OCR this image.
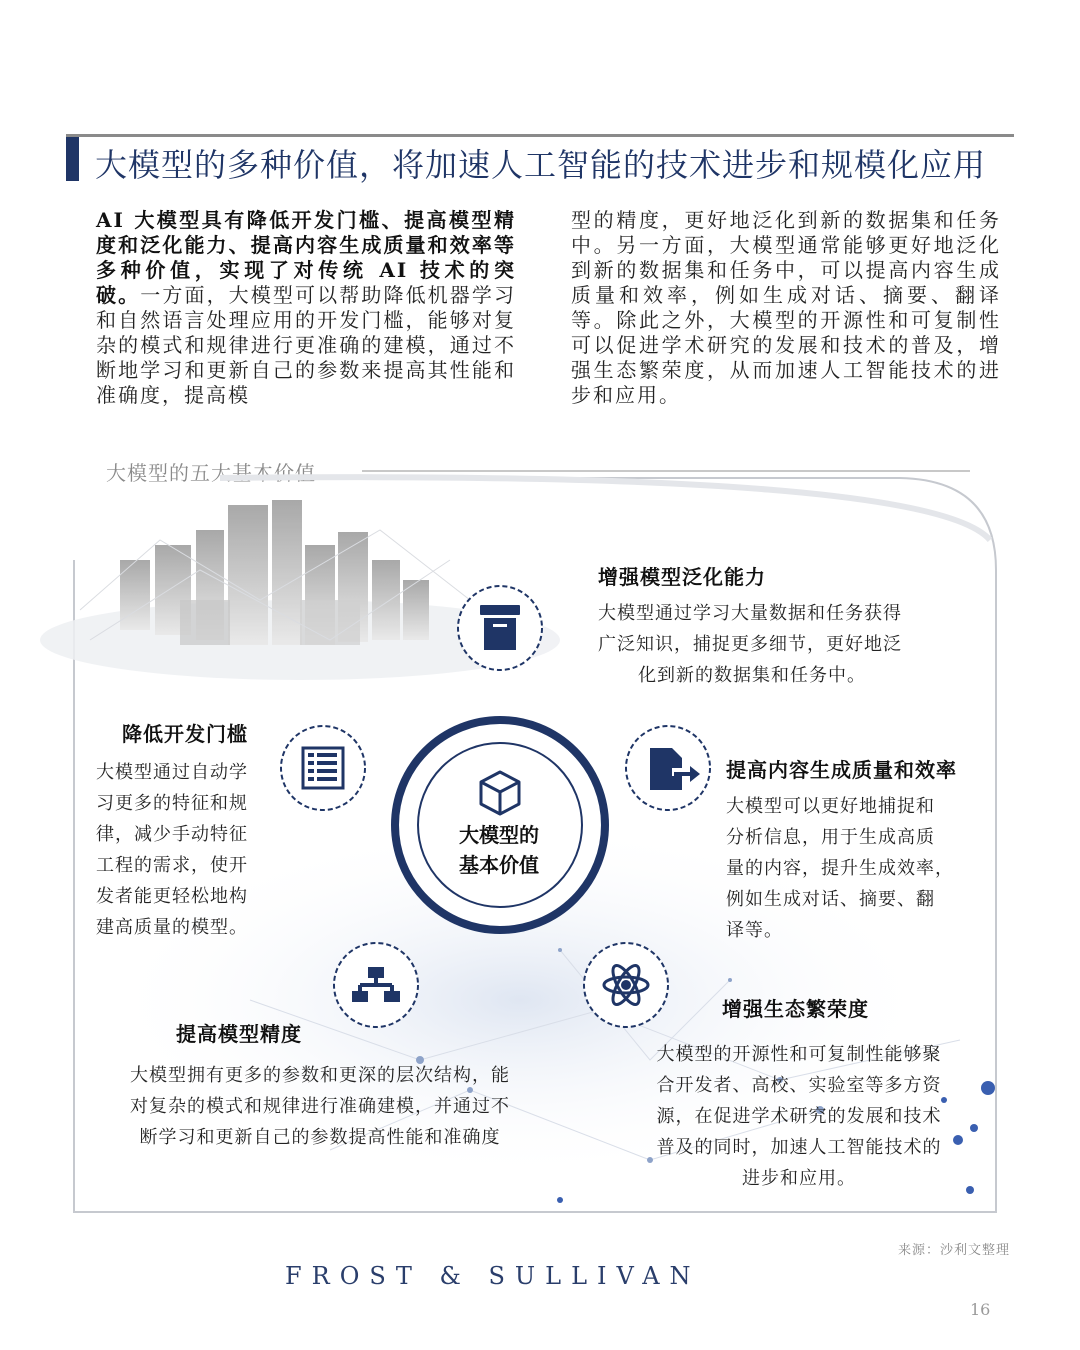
大模型的多种价值，将加速人工智能的技术进步和规模化应用
AI 大模型具有降低开发门槛、提高模型精度和泛化能力、提高内容生成质量和效率等多种价值，实现了对传统 AI 技术的突破。一方面，大模型可以帮助降低机器学习和自然语言处理应用的开发门槛，能够对复杂的模式和规律进行更准确的建模，通过不断地学习和更新自己的参数来提高其性能和准确度，提高模
型的精度，更好地泛化到新的数据集和任务中。另一方面，大模型通常能够更好地泛化到新的数据集和任务中，可以提高内容生成质量和效率，例如生成对话、摘要、翻译等。除此之外，大模型的开源性和可复制性可以促进学术研究的发展和技术的普及，增强生态繁荣度，从而加速人工智能技术的进步和应用。
大模型的五大基本价值
大模型的
基本价值
增强模型泛化能力
大模型通过学习大量数据和任务获得
广泛知识，捕捉更多细节，更好地泛
化到新的数据集和任务中。
降低开发门槛
大模型通过自动学
习更多的特征和规
律，减少手动特征
工程的需求，使开
发者能更轻松地构
建高质量的模型。
提高内容生成质量和效率
大模型可以更好地捕捉和
分析信息，用于生成高质
量的内容，提升生成效率，
例如生成对话、摘要、翻
译等。
提高模型精度
大模型拥有更多的参数和更深的层次结构，能
对复杂的模式和规律进行准确建模，并通过不
断学习和更新自己的参数提高性能和准确度
增强生态繁荣度
大模型的开源性和可复制性能够聚
合开发者、高校、实验室等多方资
源，在促进学术研究的发展和技术
普及的同时，加速人工智能技术的
进步和应用。
来源：沙利文整理
FROST & SULLIVAN
16
